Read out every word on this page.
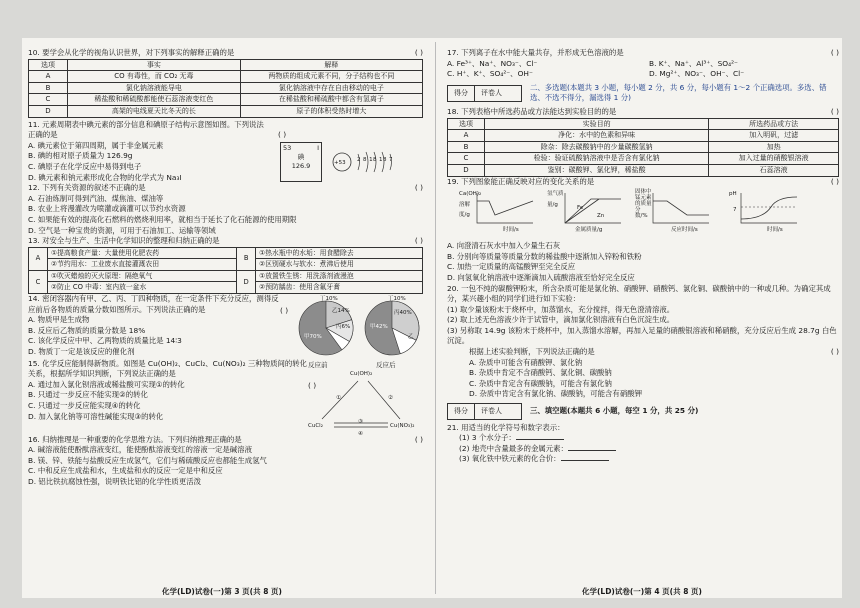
10. 要学会从化学的视角认识世界，对下列事实的解释正确的是	( )
选项	事实	解释
A	CO 有毒性，而 CO₂ 无毒	两物质的组成元素不同，分子结构也不同
B	氯化钠溶液能导电	氯化钠溶液中存在自由移动的电子
C	稀盐酸和稀硫酸都能使石蕊溶液变红色	在稀盐酸和稀硫酸中都含有氢离子
D	高架的电线夏天比冬天的长	原子的体积受热时增大
11. 元素周期表中碘元素的部分信息和碘原子结构示意图如图。下列说法正确的是
A. 碘元素位于第四周期，属于非金属元素
B. 碘的相对原子质量为 126.9g
C. 碘原子在化学反应中易得到电子
D. 碘元素和钠元素形成化合物的化学式为 Na₃I
( )
53	I

碘
126.9	+53 2 8 18 18 7
12. 下列有关资源的叙述不正确的是	( )
A. 石油炼制可得到汽油、煤焦油、煤油等
B. 农业上将漫灌改为喷灌或滴灌可以节约水资源
C. 如果能有效的提高化石燃料的燃烧利用率，就相当于延长了化石能源的使用期限
D. 空气是一种宝贵的资源，可用于石油加工、运输等领域
13. 对安全与生产、生活中化学知识的整理和归纳正确的是	( )
A	①提高粮食产量：大量使用化肥农药	B	①热水瓶中的水垢：用食醋除去
	②节约用水：工业废水直接灌溉农田		②区别硬水与软水：煮沸后使用
C	①吹灭蜡烛的灭火原理：隔绝氧气	D	①放置铁生锈：用洗涤剂液漫泡
	②防止 CO 中毒：室内放一盆水		②预防龋齿：使用含氟牙膏
14. 密闭容器内有甲、乙、丙、丁四种物质，在一定条件下充分反应，测得反应前后各物质的质量分数如图所示。下列说法正确的是
A. 物质甲是生成物
B. 反应后乙物质的质量分数是 18%
C. 该化学反应中甲、乙两物质的质量比是 14∶3
D. 物质丁一定是该反应的催化剂
( )
甲70%
乙14%
丙6%
丁10%
反应前
甲42%
乙
丙40%
丁10%
反应后
15. 化学反应能制得新物质。如图是 Cu(OH)₂、CuCl₂、Cu(NO₃)₂ 三种物质间的转化关系，根据所学知识判断，下列说法正确的是
A. 通过加入氯化钡溶液或稀盐酸可实现①的转化
B. 只通过一步反应不能实现②的转化
C. 只通过一步反应能实现④的转化
D. 加入氯化钠等可溶性碱能实现③的转化
( )
Cu(OH)₂
CuCl₂	Cu(NO₃)₂
①	②
③
④
16. 归纳推理是一种重要的化学思维方法。下列归纳推理正确的是	( )
A. 碱溶液能使酚酞溶液变红，能使酚酞溶液变红的溶液一定是碱溶液
B. 镁、锌、铁能与盐酸反应生成氢气，它们与稀硫酸反应也都能生成氢气
C. 中和反应生成盐和水，生成盐和水的反应一定是中和反应
D. 铝比铁抗腐蚀性强，说明铁比铝的化学性质更活泼
化学(LD)试卷(一)第 3 页(共 8 页)
17. 下列离子在水中能大量共存，并形成无色溶液的是	( )
A. Fe³⁺、Na⁺、NO₃⁻、Cl⁻	B. K⁺、Na⁺、Al³⁺、SO₄²⁻
C. H⁺、K⁺、SO₄²⁻、OH⁻	D. Mg²⁺、NO₃⁻、OH⁻、Cl⁻
得分	评卷人
二、多选题(本题共 3 小题，每小题 2 分，共 6 分，每小题有 1～2 个正确选项。多选、错选、不选不得分，漏选得 1 分)
18. 下列表格中所选药品或方法能达到实验目的的是	( )
选项	实验目的	所选药品或方法
A	净化：水中的色素和异味	加入明矾，过滤
B	除杂：除去碳酸钠中的少量碳酸氢钠	加热
C	检验：验证硫酸钠溶液中是否含有氯化钠	加入过量的硝酸银溶液
D	鉴别：碳酸钾、氯化钾，稀盐酸	石蕊溶液
19. 下列图象能正确反映对应的变化关系的是	( )
Ca(OH)₂溶解度/g
时间/s
氢气质量/g
Fe
Zn
金属质量/g
固体中锰元素的质量分数/%
反应时间/s
pH
7
时间/s
A. 向澄清石灰水中加入少量生石灰
B. 分别向等质量等质量分数的稀盐酸中逐渐加入锌粉和铁粉
C. 加热一定质量的高锰酸钾至完全反应
D. 向氢氧化钠溶液中逐渐滴加入硫酸溶液至恰好完全反应
20. 一包不纯的碳酸钾粉末，所含杂质可能是氯化钠、硝酸钾、硝酸钙、氯化铜、碳酸钠中的一种或几种。为确定其成分，某兴趣小组的同学们进行如下实验：
(1) 取少量该粉末于烧杯中，加蒸馏水，充分搅拌，得无色澄清溶液。
(2) 取上述无色溶液少许于试管中，滴加氯化钡溶液有白色沉淀生成。
(3) 另称取 14.9g 该粉末于烧杯中，加入蒸馏水溶解，再加入足量的硝酸银溶液和稀硝酸，充分反应后生成 28.7g 白色沉淀。
根据上述实验判断，下列说法正确的是	( )
A. 杂质中可能含有硝酸钾、氯化钠
B. 杂质中肯定不含硝酸钙、氯化铜、碳酸钠
C. 杂质中肯定含有碳酸钠，可能含有氯化钠
D. 杂质中肯定含有氯化钠、碳酸钠，可能含有硝酸钾
得分	评卷人	三、填空题(本题共 6 小题，每空 1 分，共 25 分)
21. 用适当的化学符号和数字表示：
(1) 3 个水分子：
(2) 地壳中含量最多的金属元素：
(3) 氧化铁中铁元素的化合价：
化学(LD)试卷(一)第 4 页(共 8 页)
